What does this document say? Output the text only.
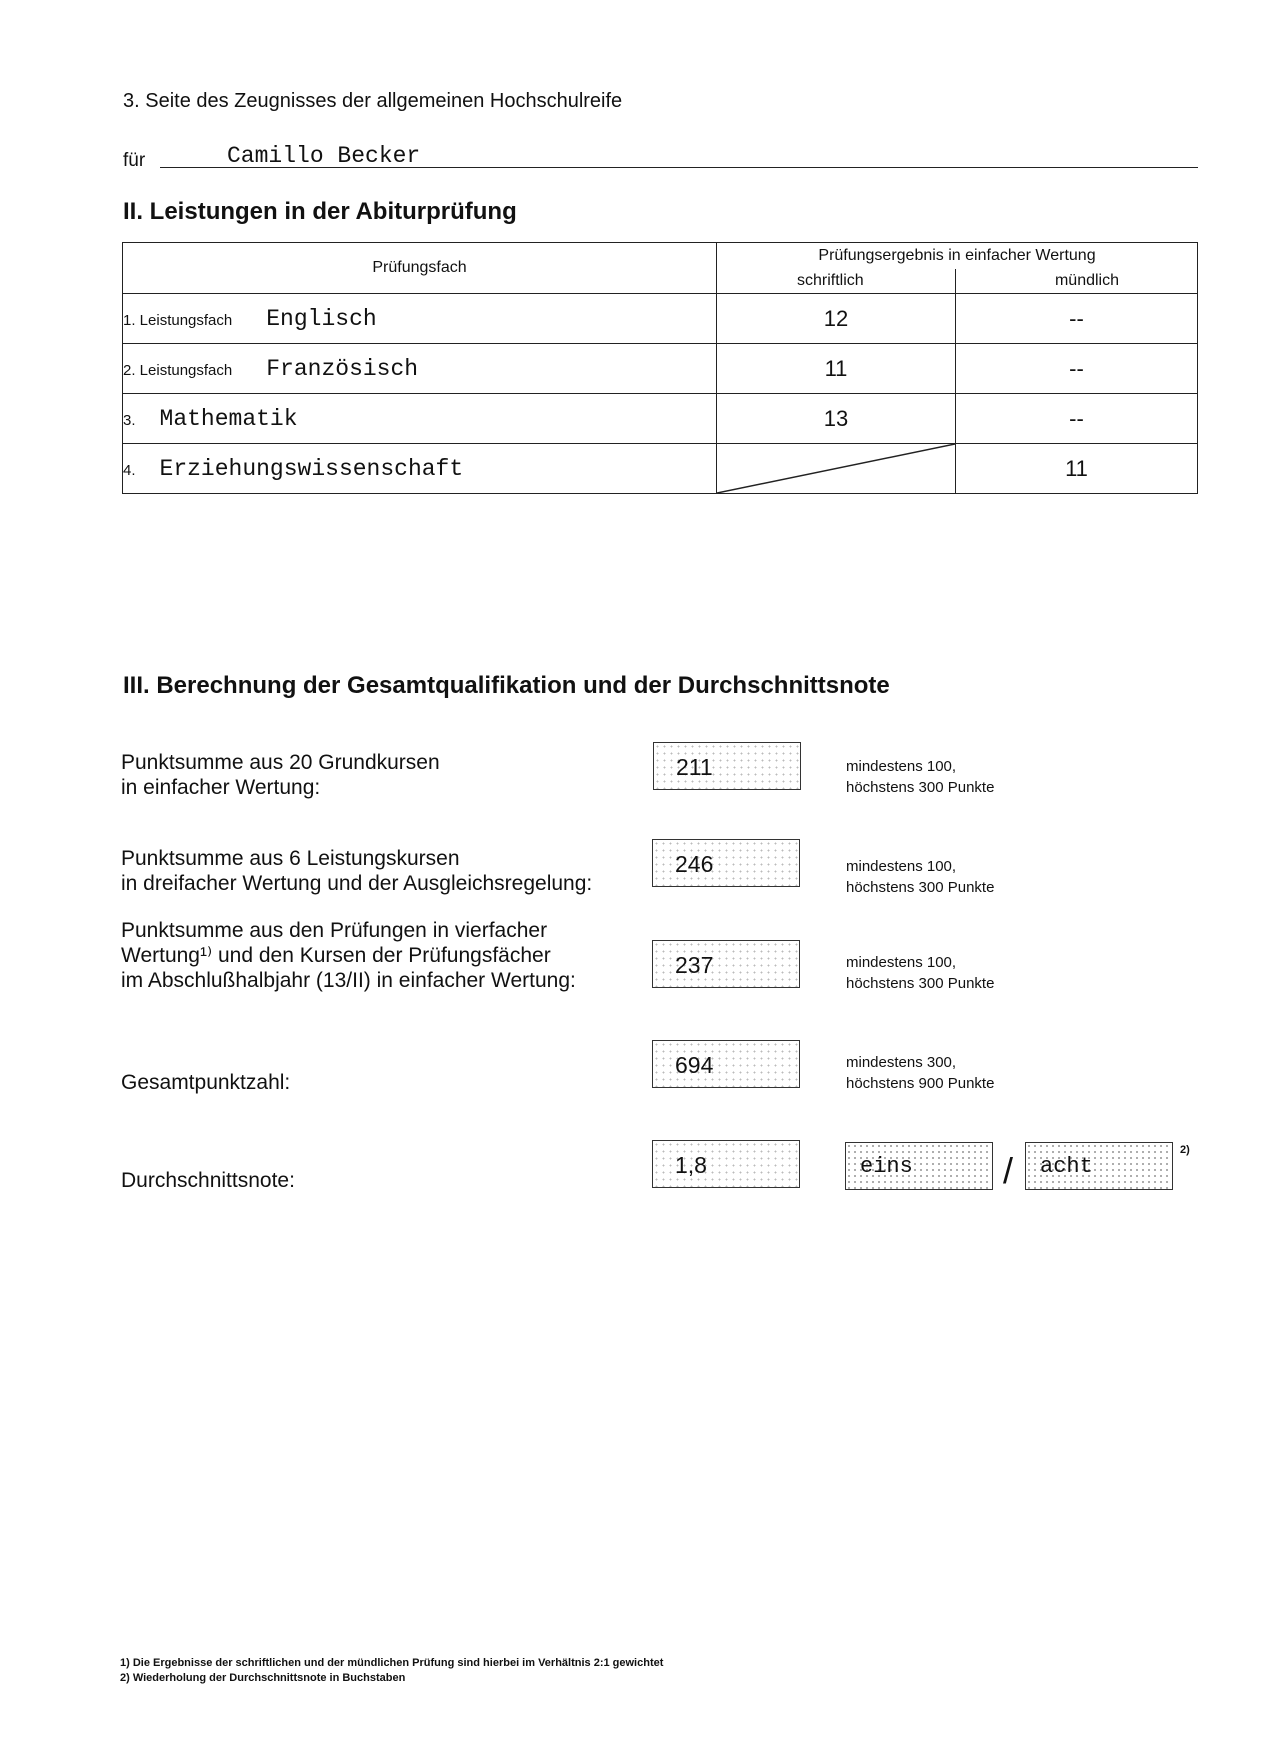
3. Seite des Zeugnisses der allgemeinen Hochschulreife
für	Camillo Becker
II. Leistungen in der Abiturprüfung
Prüfungsfach	Prüfungsergebnis in einfacher Wertung
schriftlich mündlich	

1. Leistungsfach Englisch	12	--
2. Leistungsfach Französisch	11	--
3. Mathematik	13	--
4. Erziehungswissenschaft		11
III. Berechnung der Gesamtqualifikation und der Durchschnittsnote
Punktsumme aus 20 Grundkursen
in einfacher Wertung:
211	mindestens 100,
höchstens 300 Punkte
Punktsumme aus 6 Leistungskursen
in dreifacher Wertung und der Ausgleichsregelung:
246	mindestens 100,
höchstens 300 Punkte
Punktsumme aus den Prüfungen in vierfacher
Wertung¹⁾ und den Kursen der Prüfungsfächer
im Abschlußhalbjahr (13/II) in einfacher Wertung:
237	mindestens 100,
höchstens 300 Punkte
Gesamtpunktzahl:
694	mindestens 300,
höchstens 900 Punkte
Durchschnittsnote:
1,8	eins	/	acht
2)
1) Die Ergebnisse der schriftlichen und der mündlichen Prüfung sind hierbei im Verhältnis 2:1 gewichtet
2) Wiederholung der Durchschnittsnote in Buchstaben
